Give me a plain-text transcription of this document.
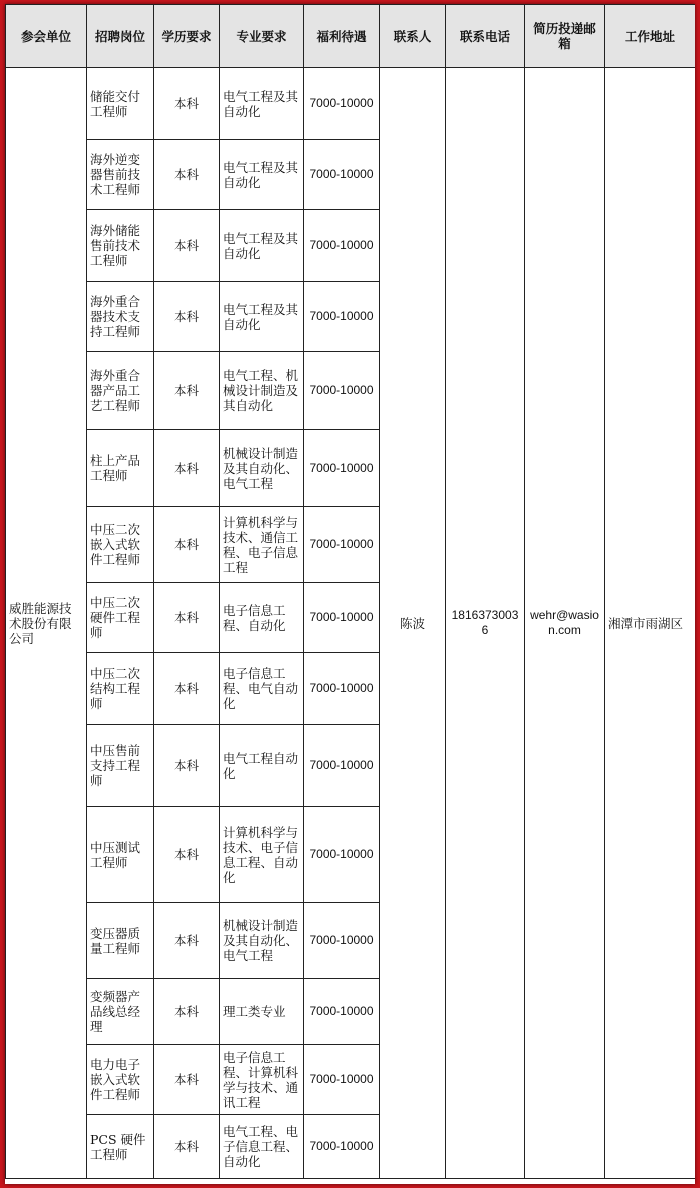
参会单位	招聘岗位	学历要求	专业要求	福利待遇	联系人	联系电话	简历投递邮箱	工作地址
威胜能源技术股份有限公司	储能交付工程师	本科	电气工程及其自动化	7000-10000	陈波	18163730036	wehr@wasion.com	湘潭市雨湖区
	海外逆变器售前技术工程师	本科	电气工程及其自动化	7000-10000				
	海外储能售前技术工程师	本科	电气工程及其自动化	7000-10000				
	海外重合器技术支持工程师	本科	电气工程及其自动化	7000-10000				
	海外重合器产品工艺工程师	本科	电气工程、机械设计制造及其自动化	7000-10000				
	柱上产品工程师	本科	机械设计制造及其自动化、电气工程	7000-10000				
	中压二次嵌入式软件工程师	本科	计算机科学与技术、通信工程、电子信息工程	7000-10000				
	中压二次硬件工程师	本科	电子信息工程、自动化	7000-10000				
	中压二次结构工程师	本科	电子信息工程、电气自动化	7000-10000				
	中压售前支持工程师	本科	电气工程自动化	7000-10000				
	中压测试工程师	本科	计算机科学与技术、电子信息工程、自动化	7000-10000				
	变压器质量工程师	本科	机械设计制造及其自动化、电气工程	7000-10000				
	变频器产品线总经理	本科	理工类专业	7000-10000				
	电力电子嵌入式软件工程师	本科	电子信息工程、计算机科学与技术、通讯工程	7000-10000				
	PCS 硬件工程师	本科	电气工程、电子信息工程、自动化	7000-10000				
